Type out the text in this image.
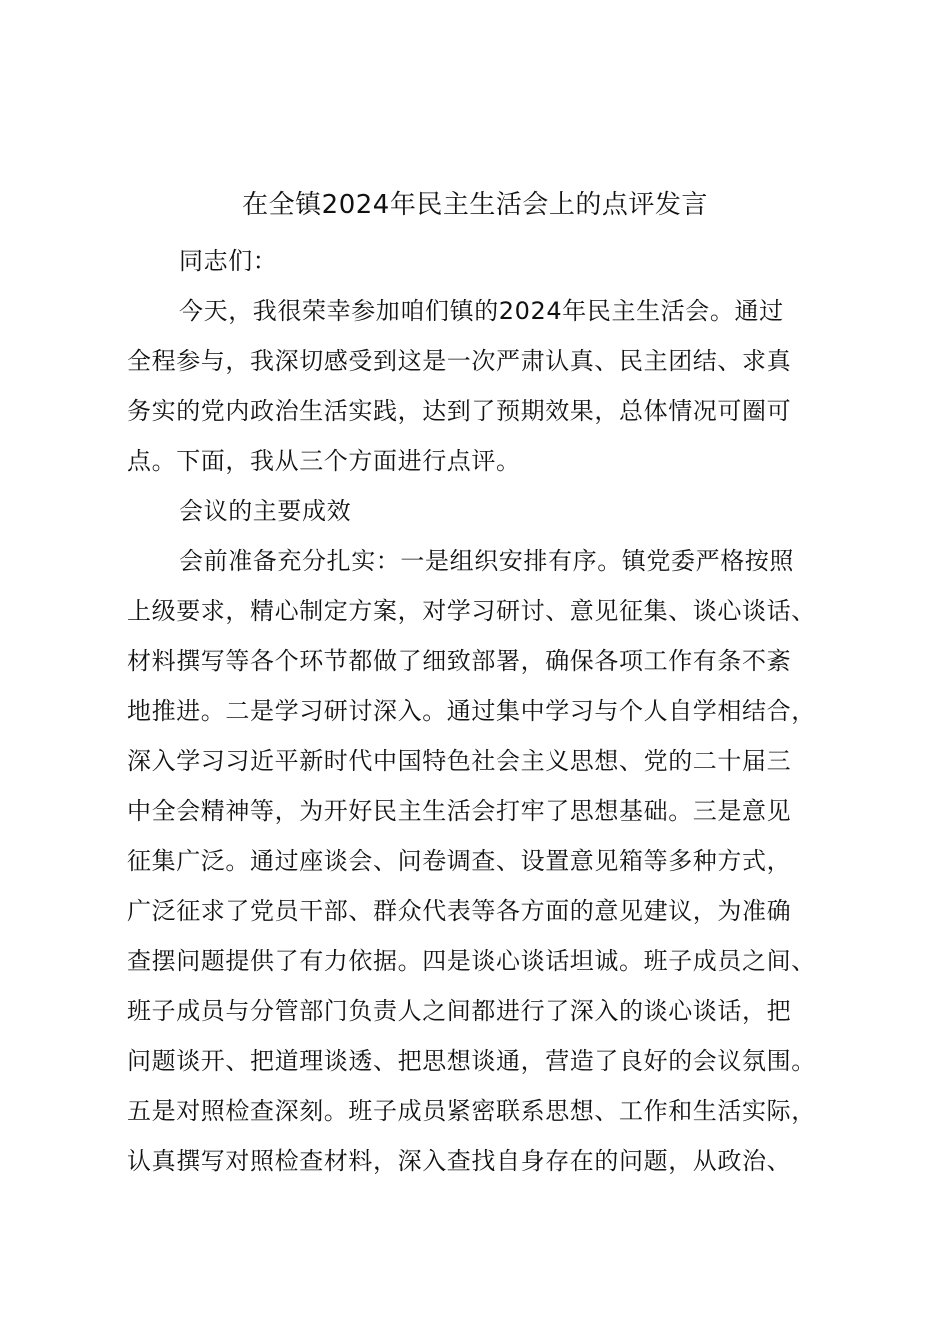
在全镇2024年民主生活会上的点评发言
同志们：
今天，我很荣幸参加咱们镇的2024年民主生活会。通过
全程参与，我深切感受到这是一次严肃认真、民主团结、求真
务实的党内政治生活实践，达到了预期效果，总体情况可圈可
点。下面，我从三个方面进行点评。
会议的主要成效
会前准备充分扎实：一是组织安排有序。镇党委严格按照
上级要求，精心制定方案，对学习研讨、意见征集、谈心谈话、
材料撰写等各个环节都做了细致部署，确保各项工作有条不紊
地推进。二是学习研讨深入。通过集中学习与个人自学相结合，
深入学习习近平新时代中国特色社会主义思想、党的二十届三
中全会精神等，为开好民主生活会打牢了思想基础。三是意见
征集广泛。通过座谈会、问卷调查、设置意见箱等多种方式，
广泛征求了党员干部、群众代表等各方面的意见建议，为准确
查摆问题提供了有力依据。四是谈心谈话坦诚。班子成员之间、
班子成员与分管部门负责人之间都进行了深入的谈心谈话，把
问题谈开、把道理谈透、把思想谈通，营造了良好的会议氛围。
五是对照检查深刻。班子成员紧密联系思想、工作和生活实际，
认真撰写对照检查材料，深入查找自身存在的问题，从政治、
